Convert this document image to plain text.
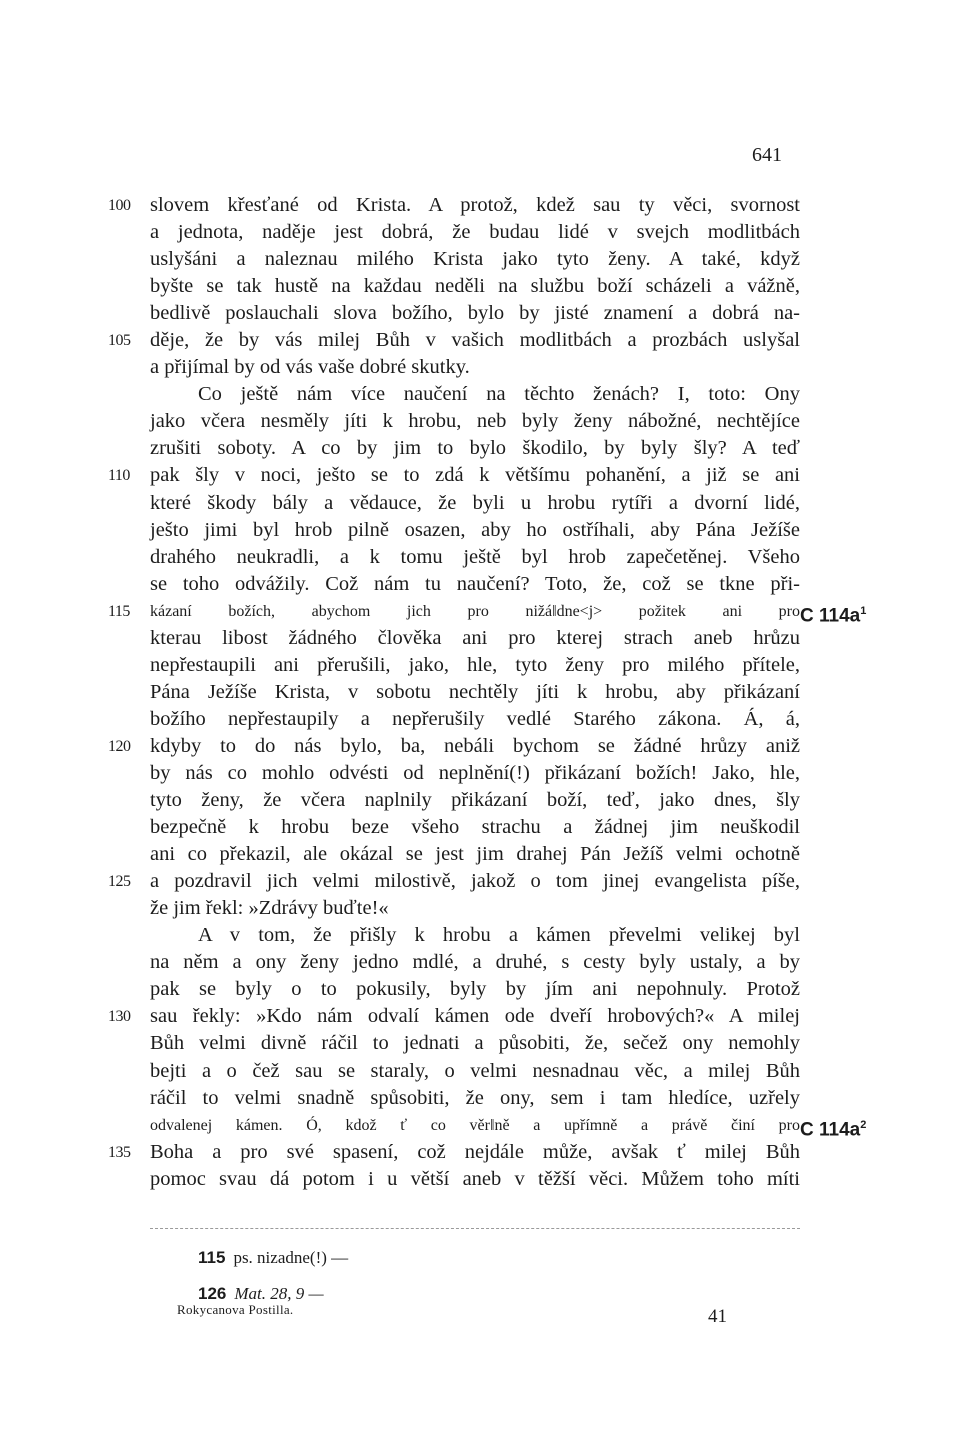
641
100 slovem křesťané od Krista. A protož, kdež sau ty věci, svornost
a jednota, naděje jest dobrá, že budau lidé v svejch modlitbách
uslyšáni a naleznau milého Krista jako tyto ženy. A také, když
byšte se tak hustě na každau neděli na službu boží scházeli a vážně,
bedlivě poslauchali slova božího, bylo by jisté znamení a dobrá na-
105 děje, že by vás milej Bůh v vašich modlitbách a prozbách uslyšal
a přijímal by od vás vaše dobré skutky.
Co ještě nám více naučení na těchto ženách? I, toto: Ony
jako včera nesměly jíti k hrobu, neb byly ženy nábožné, nechtějíce
zrušiti soboty. A co by jim to bylo škodilo, by byly šly? A teď
110 pak šly v noci, ješto se to zdá k většímu pohanění, a již se ani
které škody bály a vědauce, že byli u hrobu rytíři a dvorní lidé,
ješto jimi byl hrob pilně osazen, aby ho ostříhali, aby Pána Ježíše
drahého neukradli, a k tomu ještě byl hrob zapečetěnej. Všeho
se toho odvážily. Což nám tu naučení? Toto, že, což se tkne při-
115 kázaní božích, abychom jich pro nižá‖dne<j> požitek ani pro C $114a^1$
kterau libost žádného člověka ani pro kterej strach aneb hrůzu
nepřestaupili ani přerušili, jako, hle, tyto ženy pro milého přítele,
Pána Ježíše Krista, v sobotu nechtěly jíti k hrobu, aby přikázaní
božího nepřestaupily a nepřerušily vedlé Starého zákona. Á, á,
120 kdyby to do nás bylo, ba, nebáli bychom se žádné hrůzy aniž
by nás co mohlo odvésti od neplnění(!) přikázaní božích! Jako, hle,
tyto ženy, že včera naplnily přikázaní boží, teď, jako dnes, šly
bezpečně k hrobu beze všeho strachu a žádnej jim neuškodil
ani co překazil, ale okázal se jest jim drahej Pán Ježíš velmi ochotně
125 a pozdravil jich velmi milostivě, jakož o tom jinej evangelista píše,
že jim řekl: »Zdrávy buďte!«
A v tom, že přišly k hrobu a kámen převelmi velikej byl
na něm a ony ženy jedno mdlé, a druhé, s cesty byly ustaly, a by
pak se byly o to pokusily, byly by jím ani nepohnuly. Protož
130 sau řekly: »Kdo nám odvalí kámen ode dveří hrobových?« A milej
Bůh velmi divně ráčil to jednati a působiti, že, sečež ony nemohly
bejti a o čež sau se staraly, o velmi nesnadnau věc, a milej Bůh
ráčil to velmi snadně spůsobiti, že ony, sem i tam hledíce, uzřely
odvalenej kámen. Ó, kdož ť co věr‖ně a upřímně a právě činí pro C $114a^2$
135 Boha a pro své spasení, což nejdále může, avšak ť milej Bůh
pomoc svau dá potom i u větší aneb v těžší věci. Můžem toho míti
115 ps. nizadne(!) —
126 Mat. 28, 9 —
Rokycanova Postilla.	41
